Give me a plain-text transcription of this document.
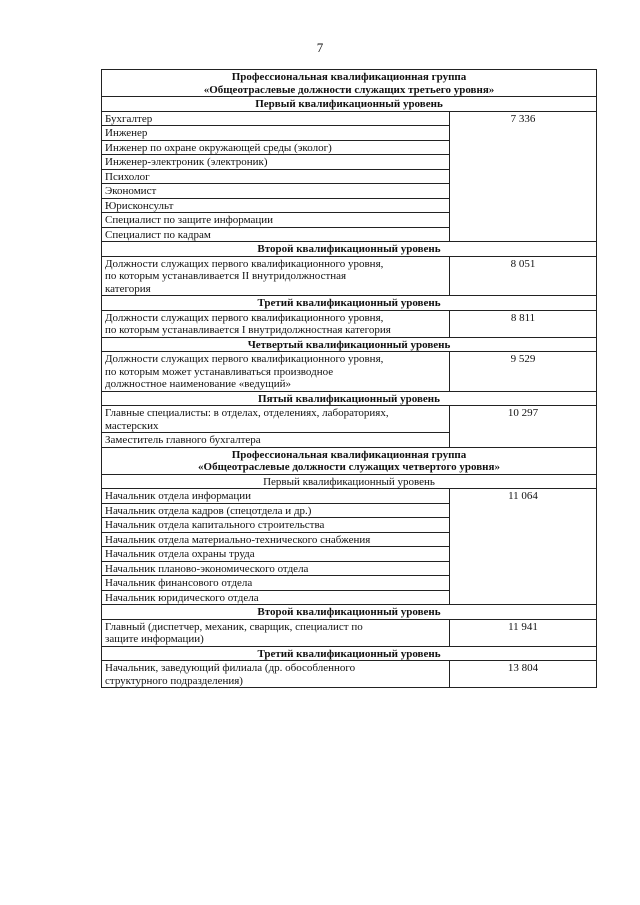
7
Профессиональная квалификационная группа
«Общеотраслевые должности служащих третьего уровня»	
Первый квалификационный уровень	
Бухгалтер	7 336
Инженер	
Инженер по охране окружающей среды (эколог)	
Инженер-электроник (электроник)	
Психолог	
Экономист	
Юрисконсульт	
Специалист по защите информации	
Специалист по кадрам	
Второй квалификационный уровень	
Должности служащих первого квалификационного уровня,
по которым устанавливается II внутридолжностная
категория	8 051
Третий квалификационный уровень	
Должности служащих первого квалификационного уровня,
по которым устанавливается I внутридолжностная категория	8 811
Четвертый квалификационный уровень	
Должности служащих первого квалификационного уровня,
по которым может устанавливаться производное
должностное наименование «ведущий»	9 529
Пятый квалификационный уровень	
Главные специалисты: в отделах, отделениях, лабораториях,
мастерских	10 297
Заместитель главного бухгалтера	
Профессиональная квалификационная группа
«Общеотраслевые должности служащих четвертого уровня»	
Первый квалификационный уровень	
Начальник отдела информации	11 064
Начальник отдела кадров (спецотдела и др.)	
Начальник отдела капитального строительства	
Начальник отдела материально-технического снабжения	
Начальник отдела охраны труда	
Начальник планово-экономического отдела	
Начальник финансового отдела	
Начальник юридического отдела	
Второй квалификационный уровень	
Главный (диспетчер, механик, сварщик, специалист по
защите информации)	11 941
Третий квалификационный уровень	
Начальник, заведующий филиала (др. обособленного
структурного подразделения)	13 804
